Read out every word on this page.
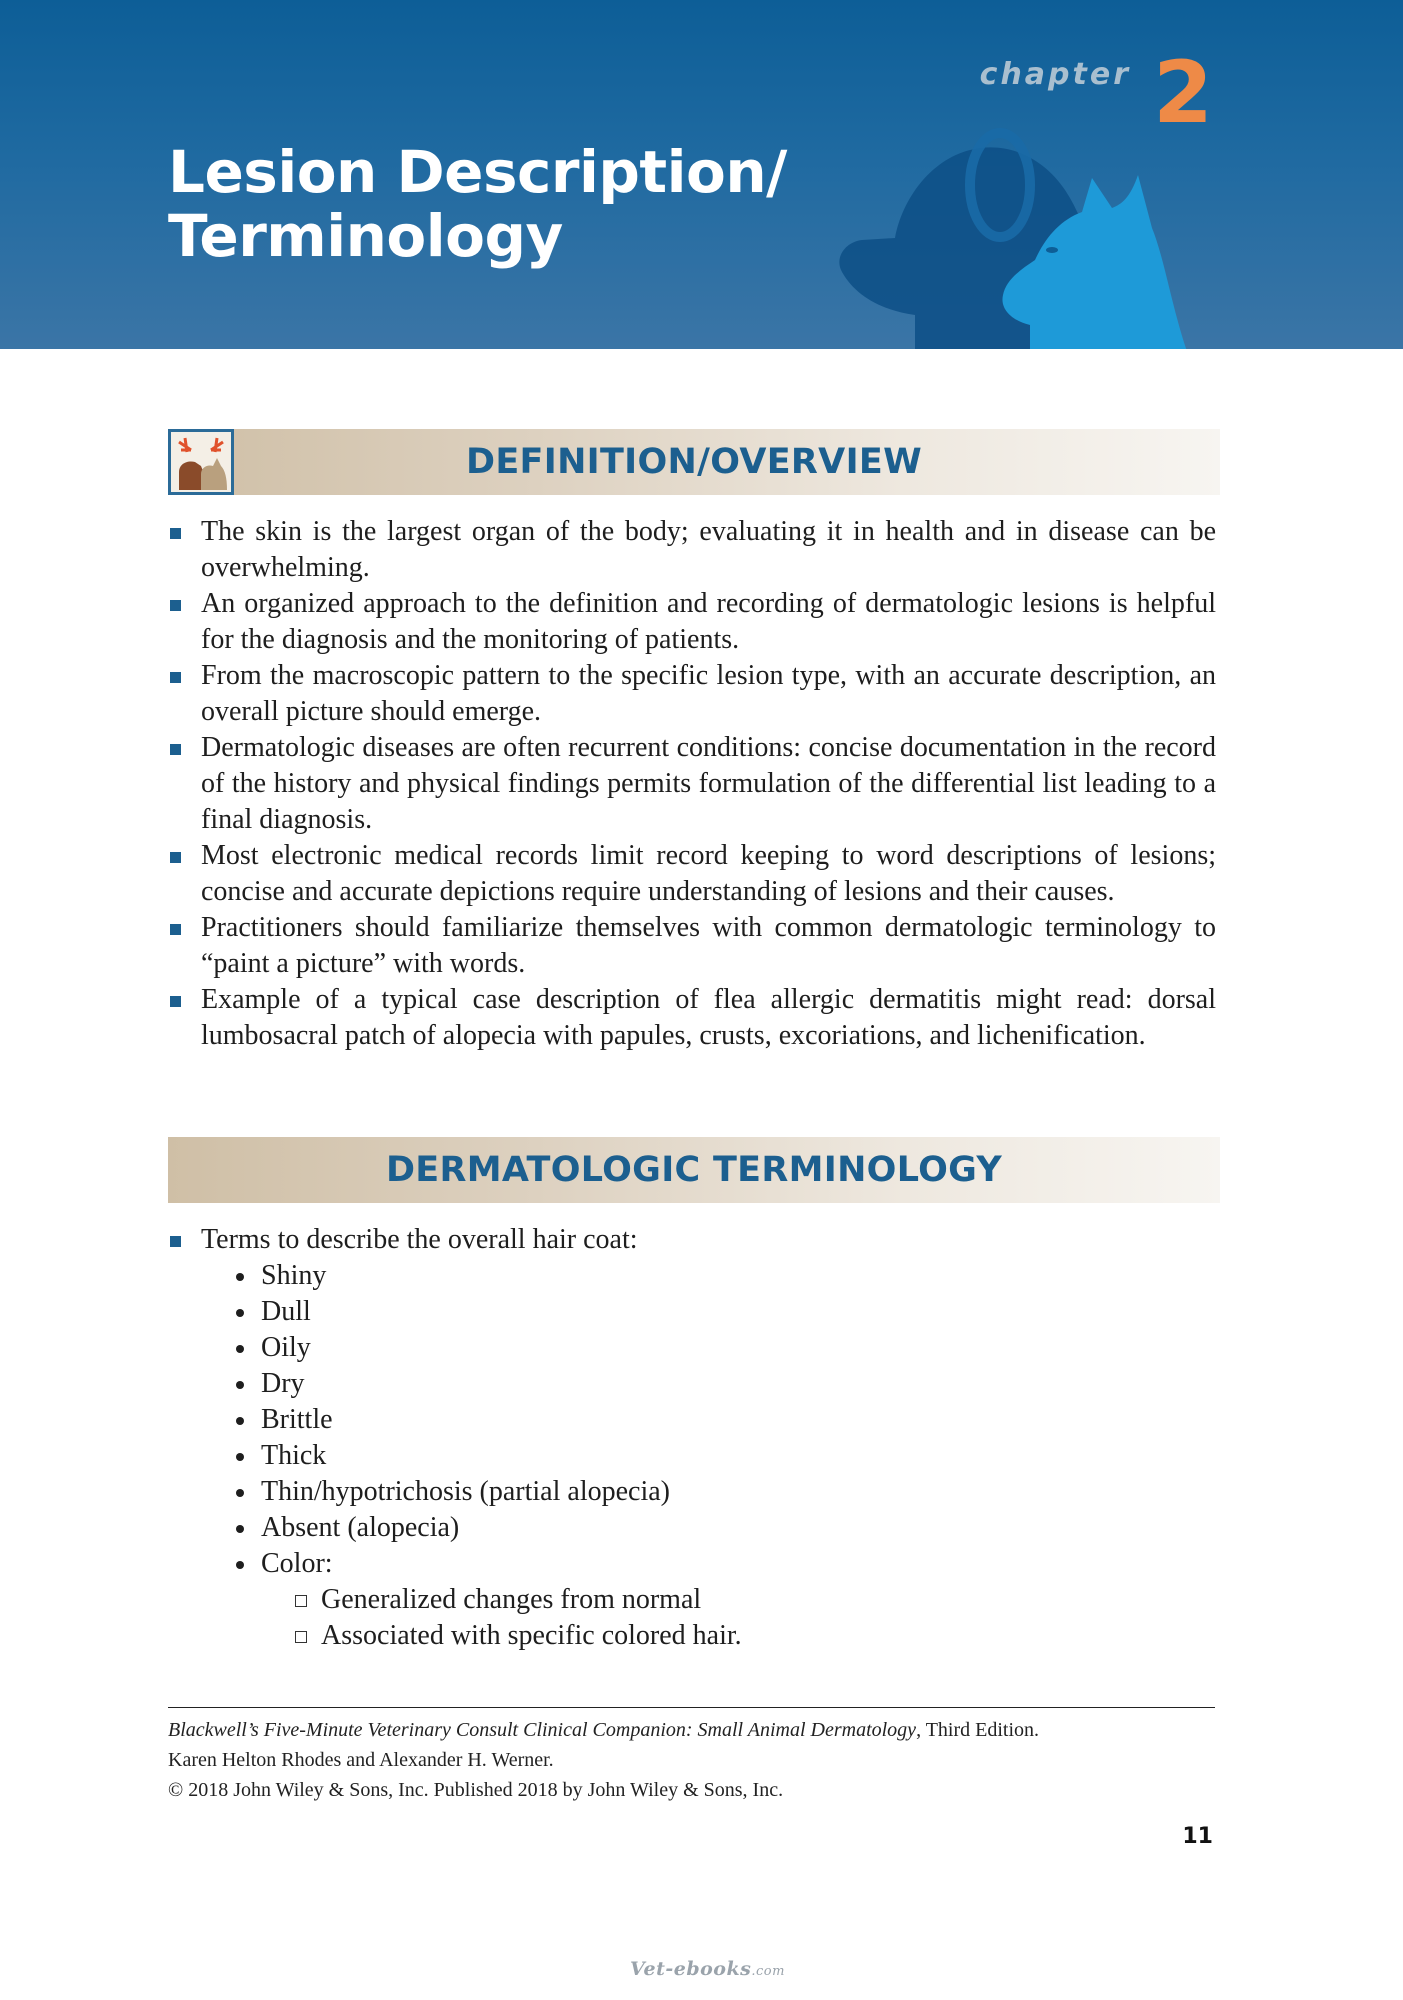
chapter 2
Lesion Description/
Terminology
DEFINITION/OVERVIEW
The skin is the largest organ of the body; evaluating it in health and in disease can be overwhelming.
An organized approach to the definition and recording of dermatologic lesions is helpful for the diagnosis and the monitoring of patients.
From the macroscopic pattern to the specific lesion type, with an accurate description, an overall picture should emerge.
Dermatologic diseases are often recurrent conditions: concise documentation in the record of the history and physical findings permits formulation of the differential list leading to a final diagnosis.
Most electronic medical records limit record keeping to word descriptions of lesions; concise and accurate depictions require understanding of lesions and their causes.
Practitioners should familiarize themselves with common dermatologic terminology to “paint a picture” with words.
Example of a typical case description of flea allergic dermatitis might read: dorsal lumbosacral patch of alopecia with papules, crusts, excoriations, and lichenification.
DERMATOLOGIC TERMINOLOGY
Terms to describe the overall hair coat:
Shiny
Dull
Oily
Dry
Brittle
Thick
Thin/hypotrichosis (partial alopecia)
Absent (alopecia)
Color:
Generalized changes from normal
Associated with specific colored hair.
Blackwell’s Five-Minute Veterinary Consult Clinical Companion: Small Animal Dermatology, Third Edition.
Karen Helton Rhodes and Alexander H. Werner.
© 2018 John Wiley & Sons, Inc. Published 2018 by John Wiley & Sons, Inc.
11
Vet-ebooks.com
